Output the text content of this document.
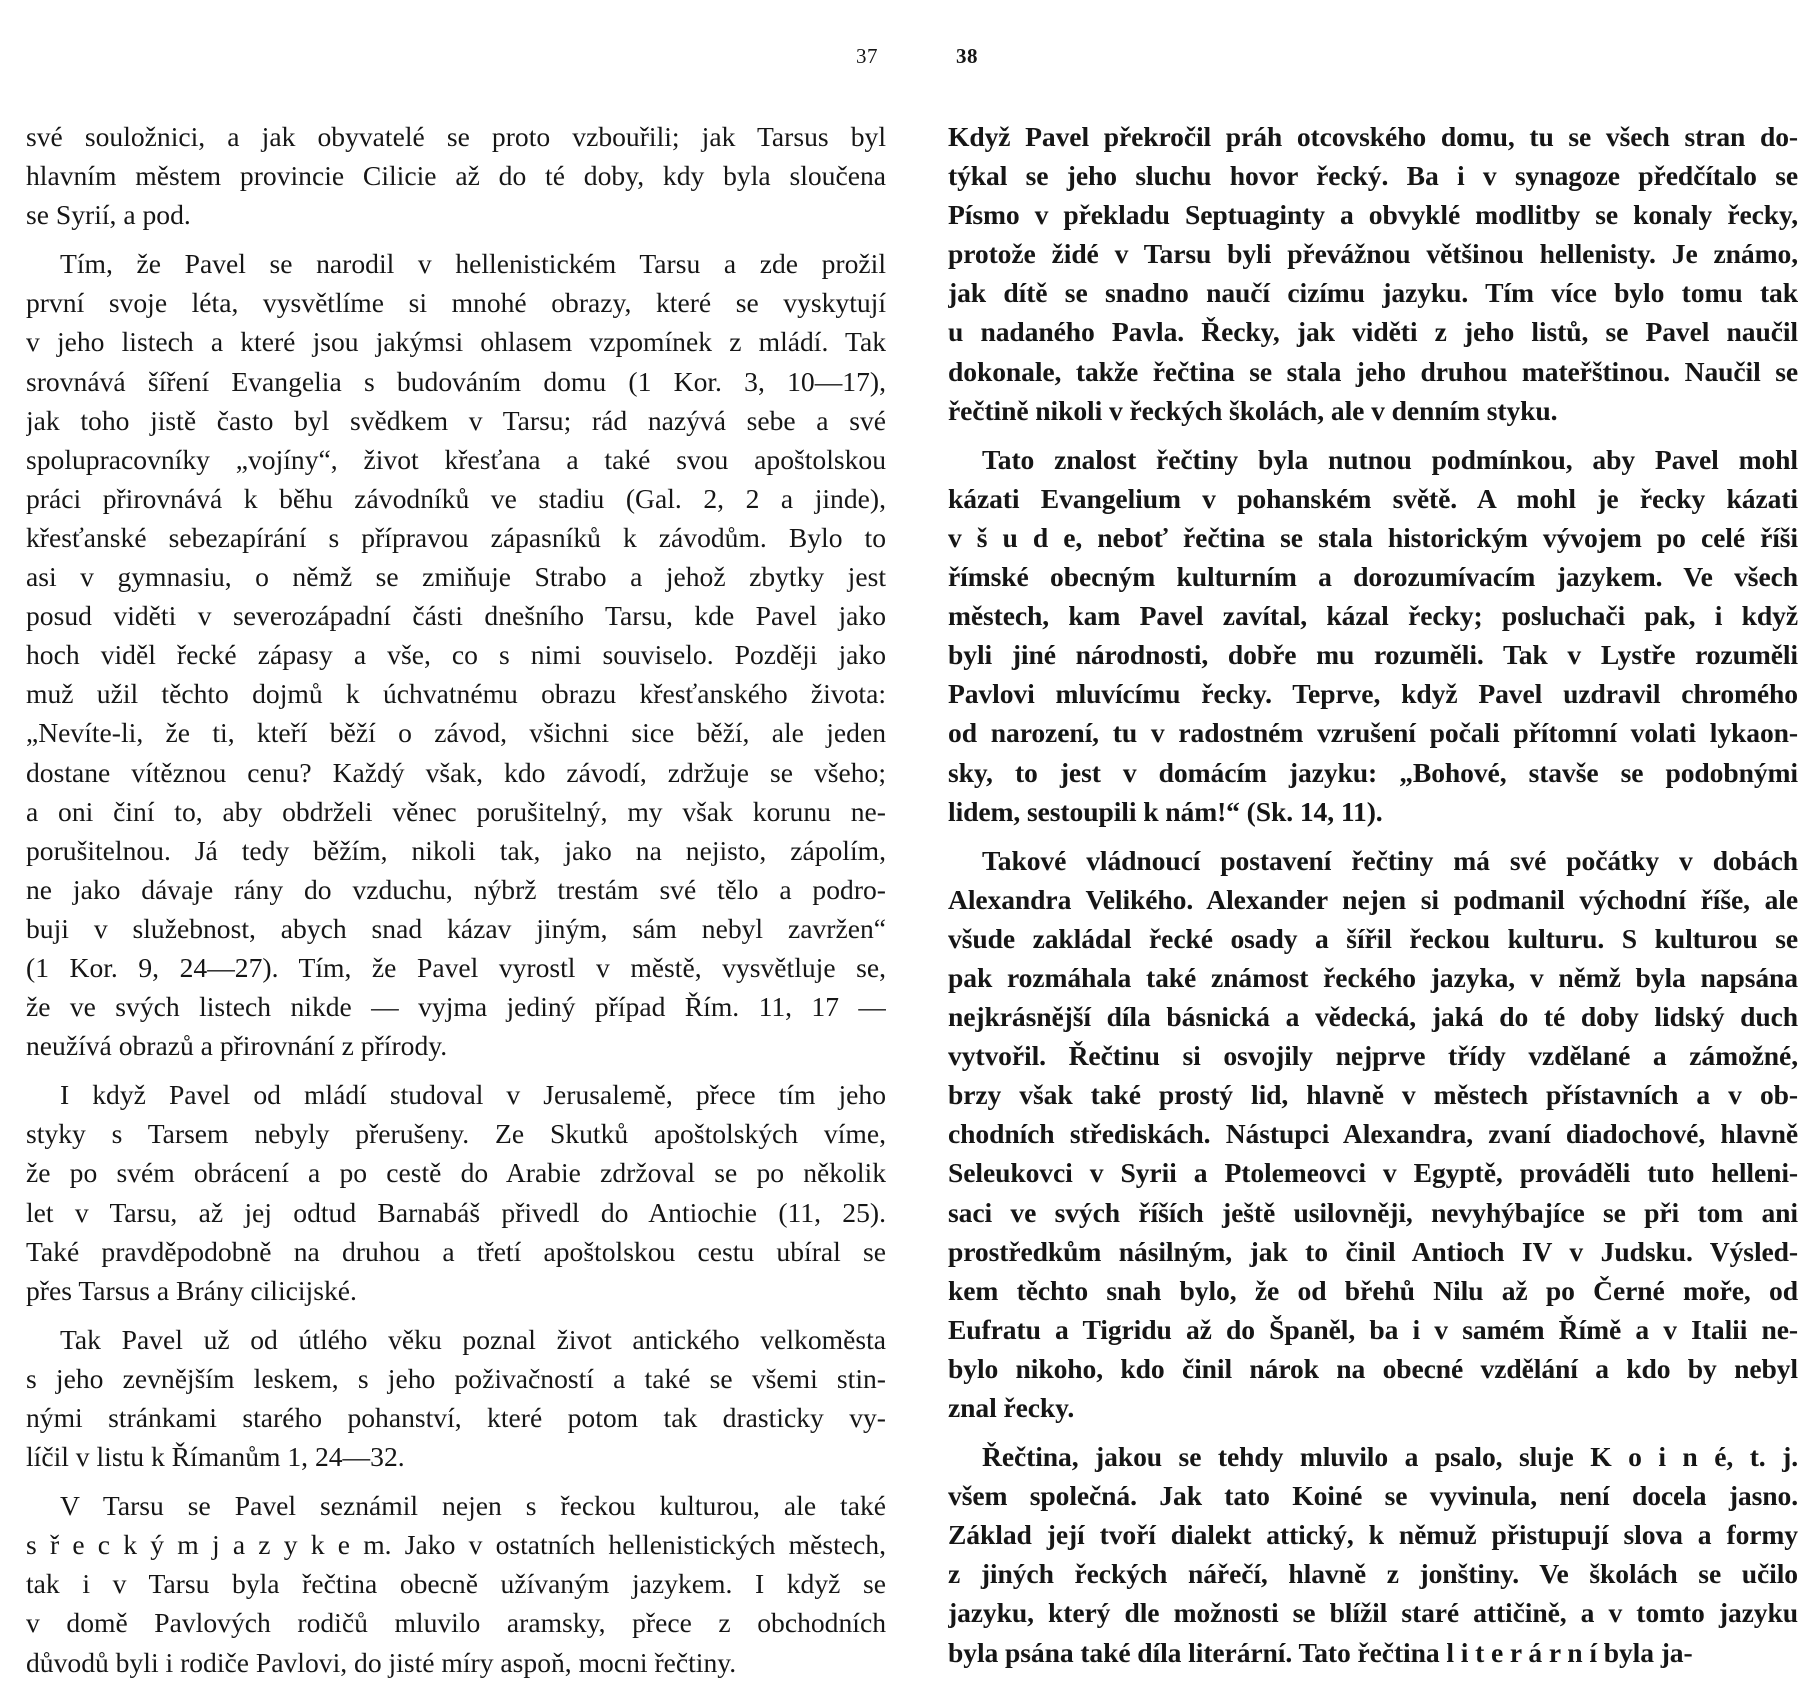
37
své souložnici, a jak obyvatelé se proto vzbouřili; jak Tarsus byl
hlavním městem provincie Cilicie až do té doby, kdy byla sloučena
se Syrií, a pod.
Tím, že Pavel se narodil v hellenistickém Tarsu a zde prožil
první svoje léta, vysvětlíme si mnohé obrazy, které se vyskytují
v jeho listech a které jsou jakýmsi ohlasem vzpomínek z mládí. Tak
srovnává šíření Evangelia s budováním domu (1 Kor. 3, 10—17),
jak toho jistě často byl svědkem v Tarsu; rád nazývá sebe a své
spolupracovníky „vojíny“, život křesťana a také svou apoštolskou
práci přirovnává k běhu závodníků ve stadiu (Gal. 2, 2 a jinde),
křesťanské sebezapírání s přípravou zápasníků k závodům. Bylo to
asi v gymnasiu, o němž se zmiňuje Strabo a jehož zbytky jest
posud viděti v severozápadní části dnešního Tarsu, kde Pavel jako
hoch viděl řecké zápasy a vše, co s nimi souviselo. Později jako
muž užil těchto dojmů k úchvatnému obrazu křesťanského života:
„Nevíte-li, že ti, kteří běží o závod, všichni sice běží, ale jeden
dostane vítěznou cenu? Každý však, kdo závodí, zdržuje se všeho;
a oni činí to, aby obdrželi věnec porušitelný, my však korunu ne-
porušitelnou. Já tedy běžím, nikoli tak, jako na nejisto, zápolím,
ne jako dávaje rány do vzduchu, nýbrž trestám své tělo a podro-
buji v služebnost, abych snad kázav jiným, sám nebyl zavržen“
(1 Kor. 9, 24—27). Tím, že Pavel vyrostl v městě, vysvětluje se,
že ve svých listech nikde — vyjma jediný případ Řím. 11, 17 —
neužívá obrazů a přirovnání z přírody.
I když Pavel od mládí studoval v Jerusalemě, přece tím jeho
styky s Tarsem nebyly přerušeny. Ze Skutků apoštolských víme,
že po svém obrácení a po cestě do Arabie zdržoval se po několik
let v Tarsu, až jej odtud Barnabáš přivedl do Antiochie (11, 25).
Také pravděpodobně na druhou a třetí apoštolskou cestu ubíral se
přes Tarsus a Brány cilicijské.
Tak Pavel už od útlého věku poznal život antického velkoměsta
s jeho zevnějším leskem, s jeho poživačností a také se všemi stin-
nými stránkami starého pohanství, které potom tak drasticky vy-
líčil v listu k Římanům 1, 24—32.
V Tarsu se Pavel seznámil nejen s řeckou kulturou, ale také
s ř e c k ý m j a z y k e m. Jako v ostatních hellenistických městech,
tak i v Tarsu byla řečtina obecně užívaným jazykem. I když se
v domě Pavlových rodičů mluvilo aramsky, přece z obchodních
důvodů byli i rodiče Pavlovi, do jisté míry aspoň, mocni řečtiny.
38
Když Pavel překročil práh otcovského domu, tu se všech stran do-
týkal se jeho sluchu hovor řecký. Ba i v synagoze předčítalo se
Písmo v překladu Septuaginty a obvyklé modlitby se konaly řecky,
protože židé v Tarsu byli převážnou většinou hellenisty. Je známo,
jak dítě se snadno naučí cizímu jazyku. Tím více bylo tomu tak
u nadaného Pavla. Řecky, jak viděti z jeho listů, se Pavel naučil
dokonale, takže řečtina se stala jeho druhou mateřštinou. Naučil se
řečtině nikoli v řeckých školách, ale v denním styku.
Tato znalost řečtiny byla nutnou podmínkou, aby Pavel mohl
kázati Evangelium v pohanském světě. A mohl je řecky kázati
v š u d e, neboť řečtina se stala historickým vývojem po celé říši
římské obecným kulturním a dorozumívacím jazykem. Ve všech
městech, kam Pavel zavítal, kázal řecky; posluchači pak, i když
byli jiné národnosti, dobře mu rozuměli. Tak v Lystře rozuměli
Pavlovi mluvícímu řecky. Teprve, když Pavel uzdravil chromého
od narození, tu v radostném vzrušení počali přítomní volati lykaon-
sky, to jest v domácím jazyku: „Bohové, stavše se podobnými
lidem, sestoupili k nám!“ (Sk. 14, 11).
Takové vládnoucí postavení řečtiny má své počátky v dobách
Alexandra Velikého. Alexander nejen si podmanil východní říše, ale
všude zakládal řecké osady a šířil řeckou kulturu. S kulturou se
pak rozmáhala také známost řeckého jazyka, v němž byla napsána
nejkrásnější díla básnická a vědecká, jaká do té doby lidský duch
vytvořil. Řečtinu si osvojily nejprve třídy vzdělané a zámožné,
brzy však také prostý lid, hlavně v městech přístavních a v ob-
chodních střediskách. Nástupci Alexandra, zvaní diadochové, hlavně
Seleukovci v Syrii a Ptolemeovci v Egyptě, prováděli tuto helleni-
saci ve svých říších ještě usilovněji, nevyhýbajíce se při tom ani
prostředkům násilným, jak to činil Antioch IV v Judsku. Výsled-
kem těchto snah bylo, že od břehů Nilu až po Černé moře, od
Eufratu a Tigridu až do Španěl, ba i v samém Římě a v Italii ne-
bylo nikoho, kdo činil nárok na obecné vzdělání a kdo by nebyl
znal řecky.
Řečtina, jakou se tehdy mluvilo a psalo, sluje K o i n é, t. j.
všem společná. Jak tato Koiné se vyvinula, není docela jasno.
Základ její tvoří dialekt attický, k němuž přistupují slova a formy
z jiných řeckých nářečí, hlavně z jonštiny. Ve školách se učilo
jazyku, který dle možnosti se blížil staré attičině, a v tomto jazyku
byla psána také díla literární. Tato řečtina l i t e r á r n í byla ja-
